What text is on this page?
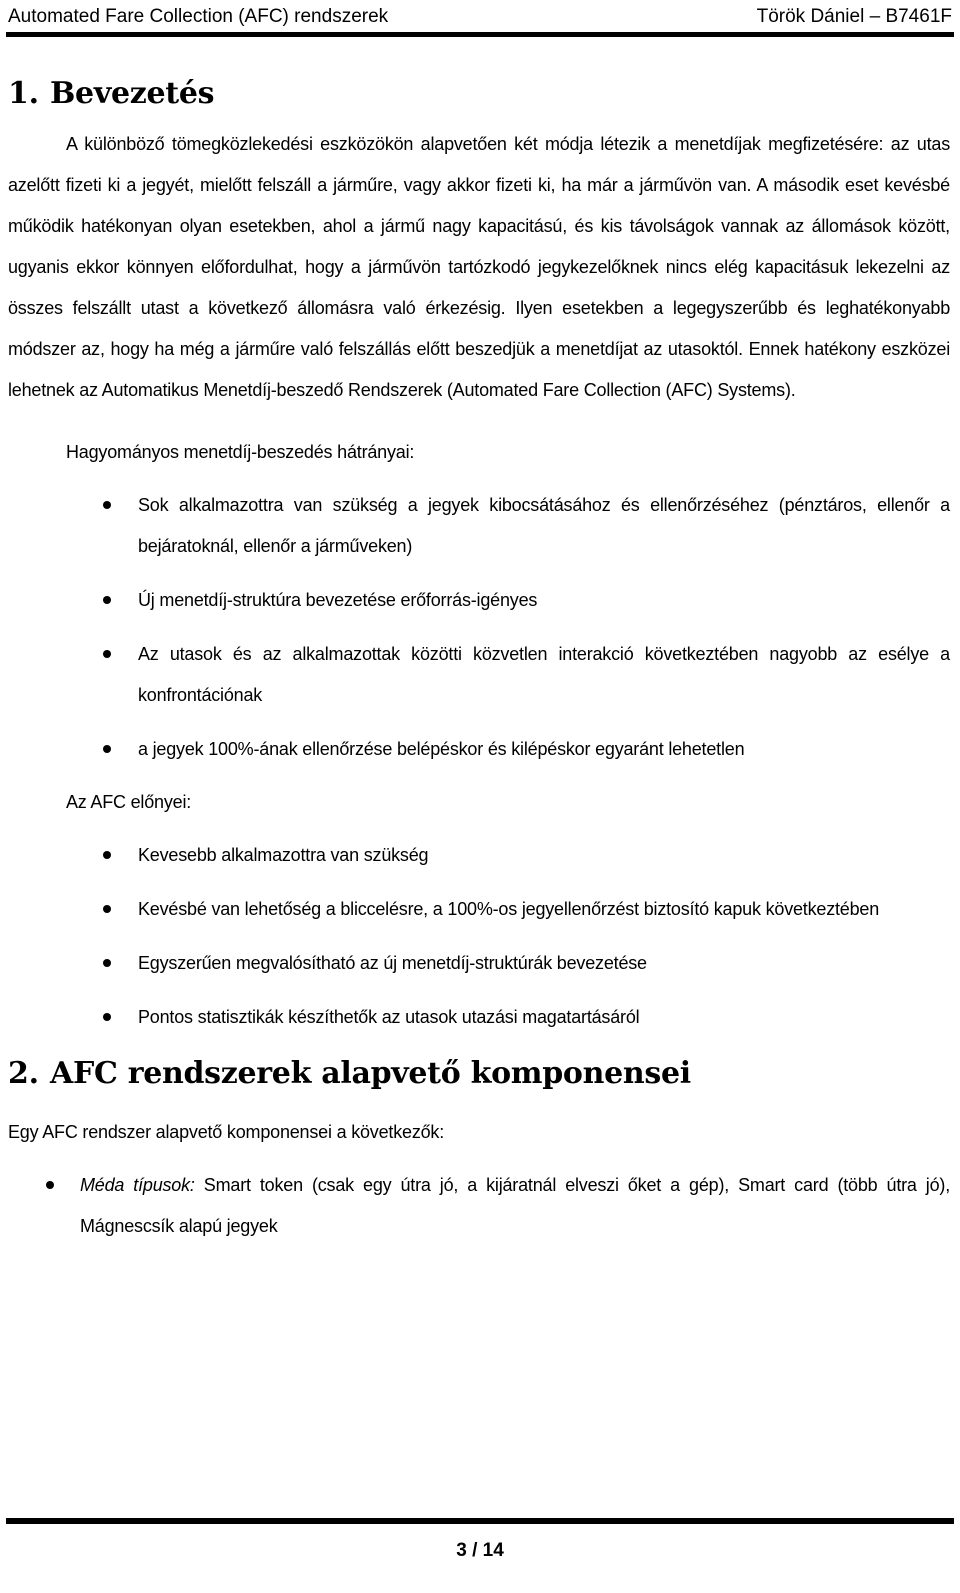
Automated Fare Collection (AFC) rendszerek	Török Dániel – B7461F
1. Bevezetés

A különböző tömegközlekedési eszközökön alapvetően két módja létezik a menetdíjak megfizetésére: az utas azelőtt fizeti ki a jegyét, mielőtt felszáll a járműre, vagy akkor fizeti ki, ha már a járművön van. A második eset kevésbé működik hatékonyan olyan esetekben, ahol a jármű nagy kapacitású, és kis távolságok vannak az állomások között, ugyanis ekkor könnyen előfordulhat, hogy a járművön tartózkodó jegykezelőknek nincs elég kapacitásuk lekezelni az összes felszállt utast a következő állomásra való érkezésig. Ilyen esetekben a legegyszerűbb és leghatékonyabb módszer az, hogy ha még a járműre való felszállás előtt beszedjük a menetdíjat az utasoktól. Ennek hatékony eszközei lehetnek az Automatikus Menetdíj-beszedő Rendszerek (Automated Fare Collection (AFC) Systems).

Hagyományos menetdíj-beszedés hátrányai:

Sok alkalmazottra van szükség a jegyek kibocsátásához és ellenőrzéséhez (pénztáros, ellenőr a bejáratoknál, ellenőr a járműveken)
Új menetdíj-struktúra bevezetése erőforrás-igényes
Az utasok és az alkalmazottak közötti közvetlen interakció következtében nagyobb az esélye a konfrontációnak
a jegyek 100%-ának ellenőrzése belépéskor és kilépéskor egyaránt lehetetlen

Az AFC előnyei:

Kevesebb alkalmazottra van szükség
Kevésbé van lehetőség a bliccelésre, a 100%-os jegyellenőrzést biztosító kapuk következtében
Egyszerűen megvalósítható az új menetdíj-struktúrák bevezetése
Pontos statisztikák készíthetők az utasok utazási magatartásáról
2. AFC rendszerek alapvető komponensei

Egy AFC rendszer alapvető komponensei a következők:

Méda típusok: Smart token (csak egy útra jó, a kijáratnál elveszi őket a gép), Smart card (több útra jó), Mágnescsík alapú jegyek
3 / 14
